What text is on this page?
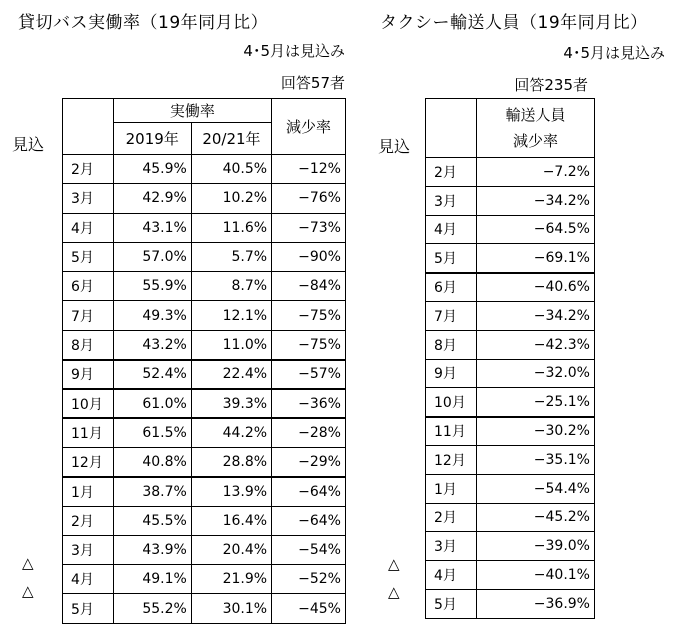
貸切バス実働率（19年同月比）
4･5月は見込み
回答57者
見込
	実働率		減少率
	2019年	20/21年	
2月	45.9%	40.5%	−12%
3月	42.9%	10.2%	−76%
4月	43.1%	11.6%	−73%
5月	57.0%	5.7%	−90%
6月	55.9%	8.7%	−84%
7月	49.3%	12.1%	−75%
8月	43.2%	11.0%	−75%
9月	52.4%	22.4%	−57%
10月	61.0%	39.3%	−36%
11月	61.5%	44.2%	−28%
12月	40.8%	28.8%	−29%
1月	38.7%	13.9%	−64%
2月	45.5%	16.4%	−64%
3月	43.9%	20.4%	−54%
4月	49.1%	21.9%	−52%
5月	55.2%	30.1%	−45%
タクシー輸送人員（19年同月比）
4･5月は見込み
回答235者
見込

	輸送人員
減少率

2月	−7.2%
3月	−34.2%
4月	−64.5%
5月	−69.1%
6月	−40.6%
7月	−34.2%
8月	−42.3%
9月	−32.0%
10月	−25.1%
11月	−30.2%
12月	−35.1%
1月	−54.4%
2月	−45.2%
3月	−39.0%
4月	−40.1%
5月	−36.9%
△
△
△
△
